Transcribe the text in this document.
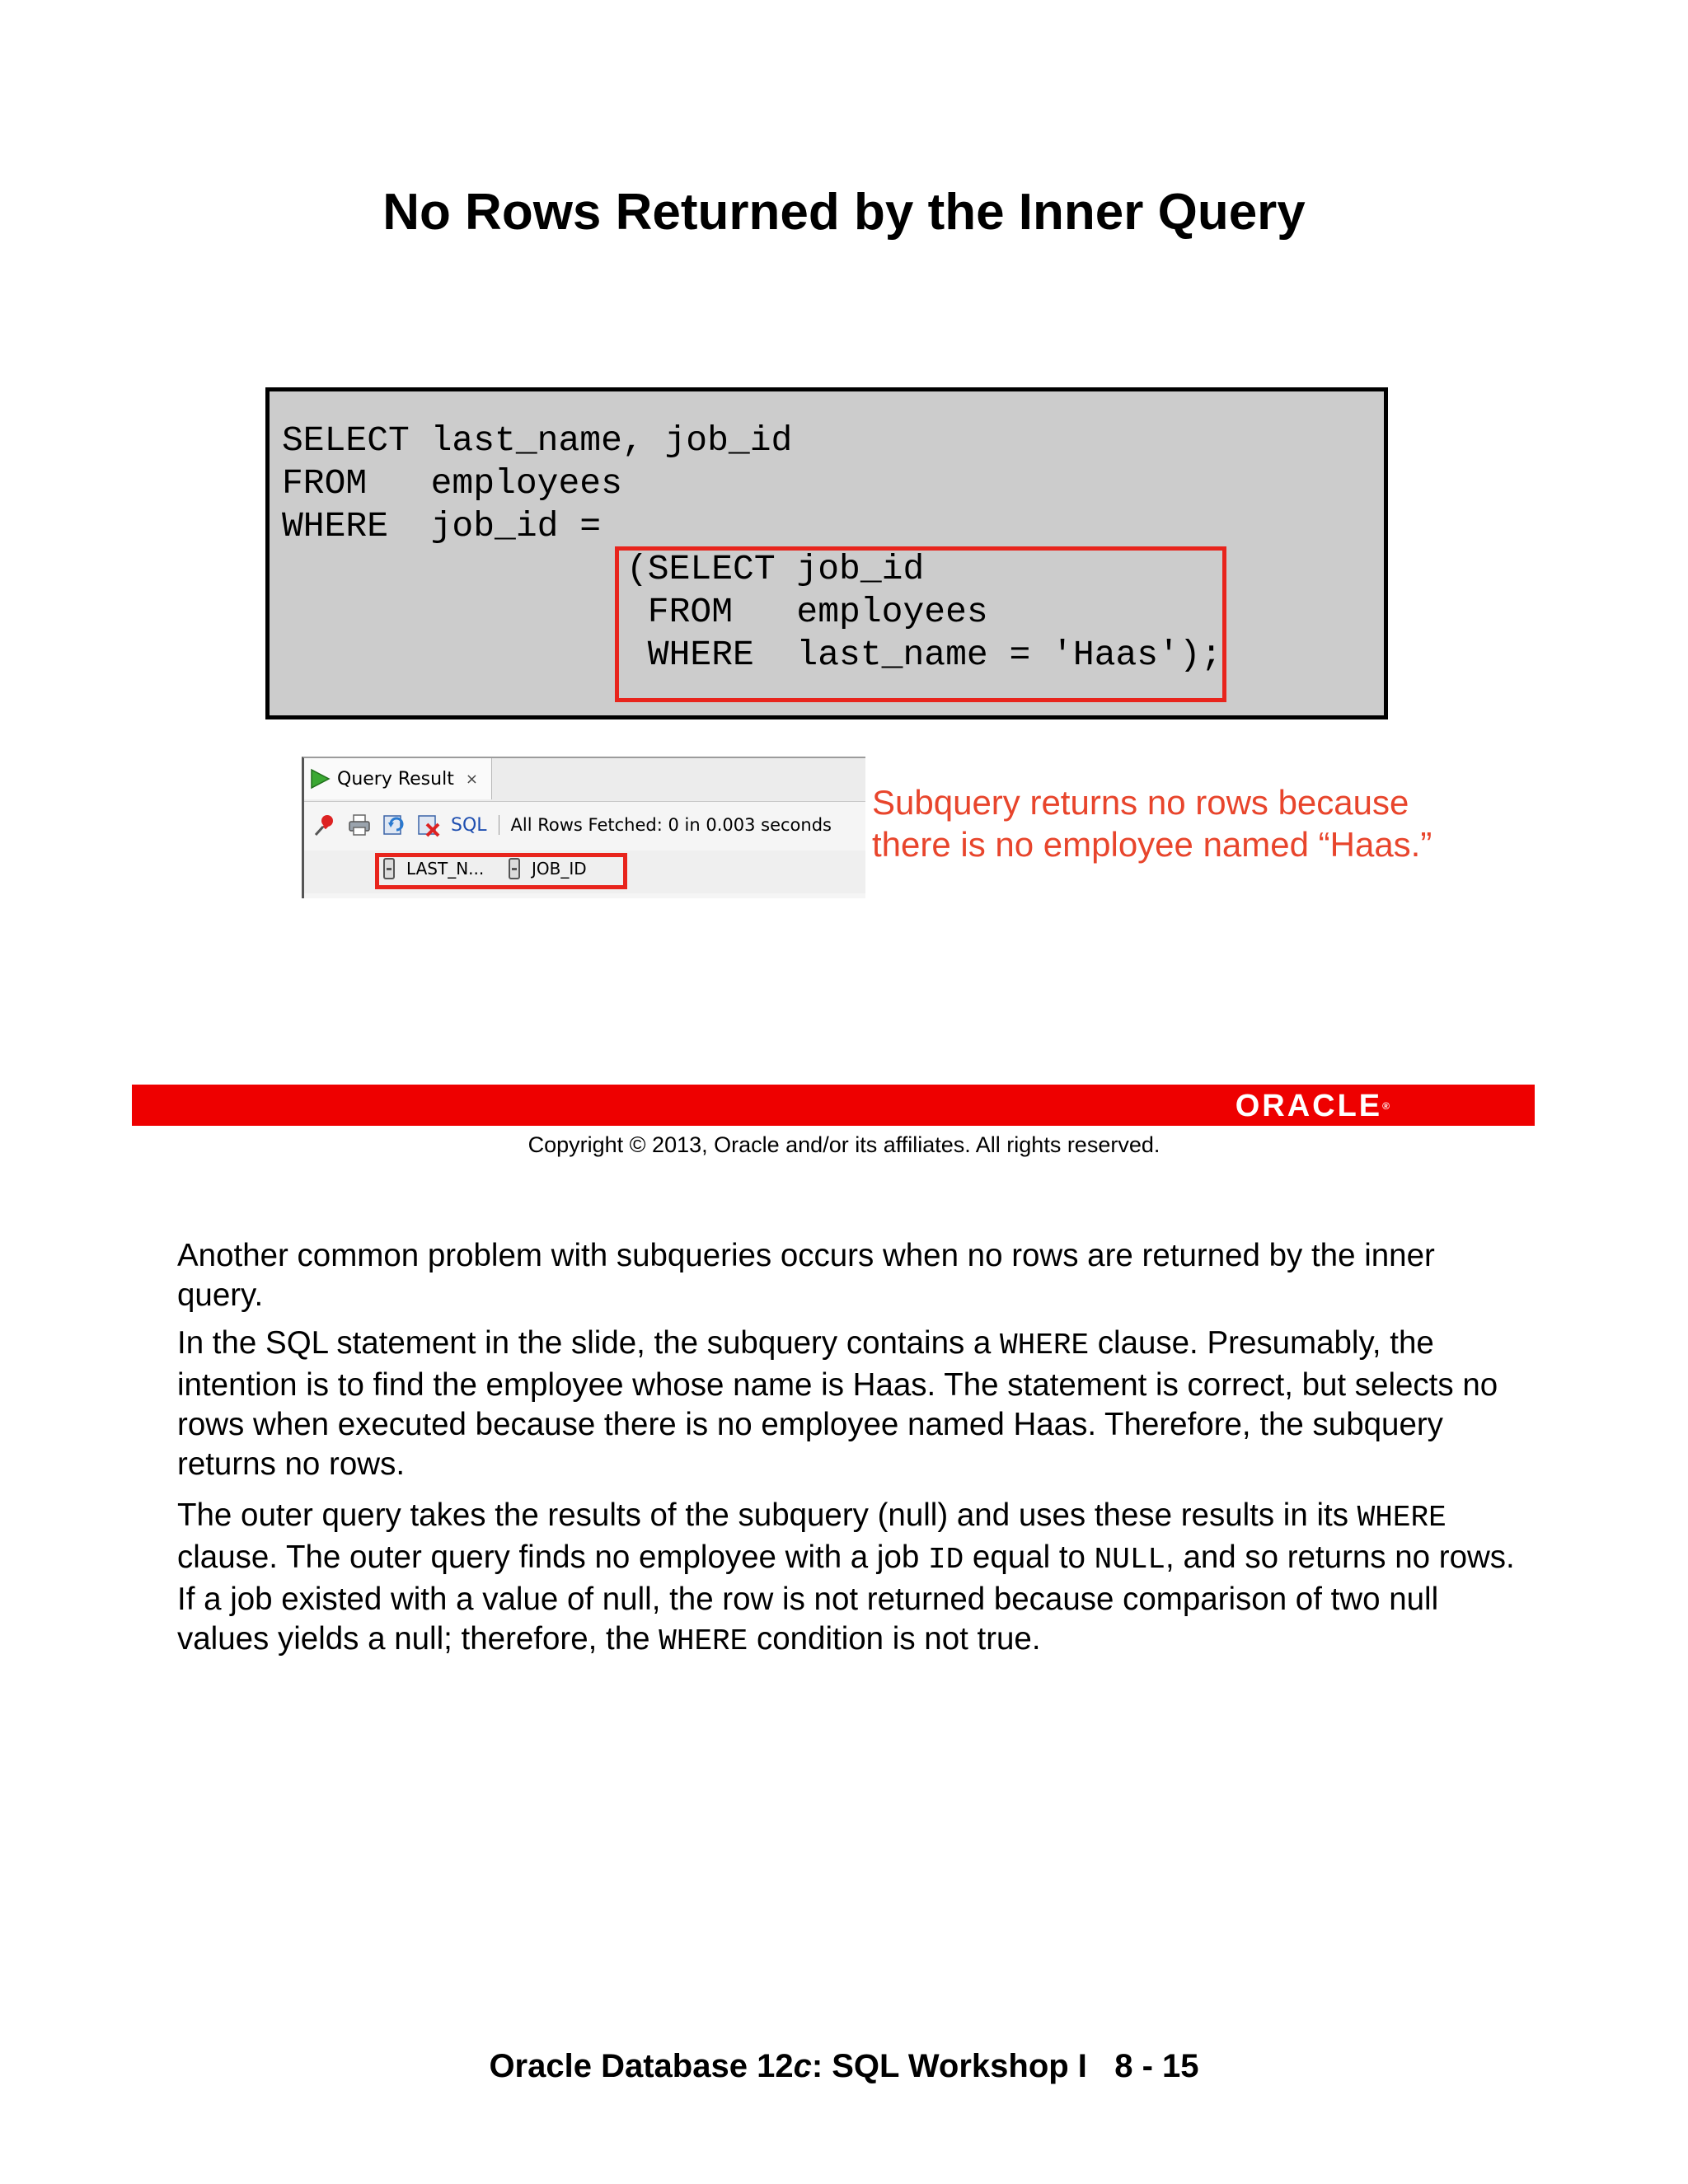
No Rows Returned by the Inner Query
SELECT last_name, job_id
FROM   employees
WHERE  job_id =
(SELECT job_id
FROM   employees
WHERE  last_name = 'Haas');
Query Result ×
SQL All Rows Fetched: 0 in 0.003 seconds
LAST_N...	JOB_ID
Subquery returns no rows because
there is no employee named “Haas.”
ORACLE®
Copyright © 2013, Oracle and/or its affiliates. All rights reserved.

Another common problem with subqueries occurs when no rows are returned by the inner query.

In the SQL statement in the slide, the subquery contains a WHERE clause. Presumably, the intention is to find the employee whose name is Haas. The statement is correct, but selects no rows when executed because there is no employee named Haas. Therefore, the subquery returns no rows.

The outer query takes the results of the subquery (null) and uses these results in its WHERE clause. The outer query finds no employee with a job ID equal to NULL, and so returns no rows. If a job existed with a value of null, the row is not returned because comparison of two null values yields a null; therefore, the WHERE condition is not true.

Oracle Database 12c: SQL Workshop I   8 - 15
